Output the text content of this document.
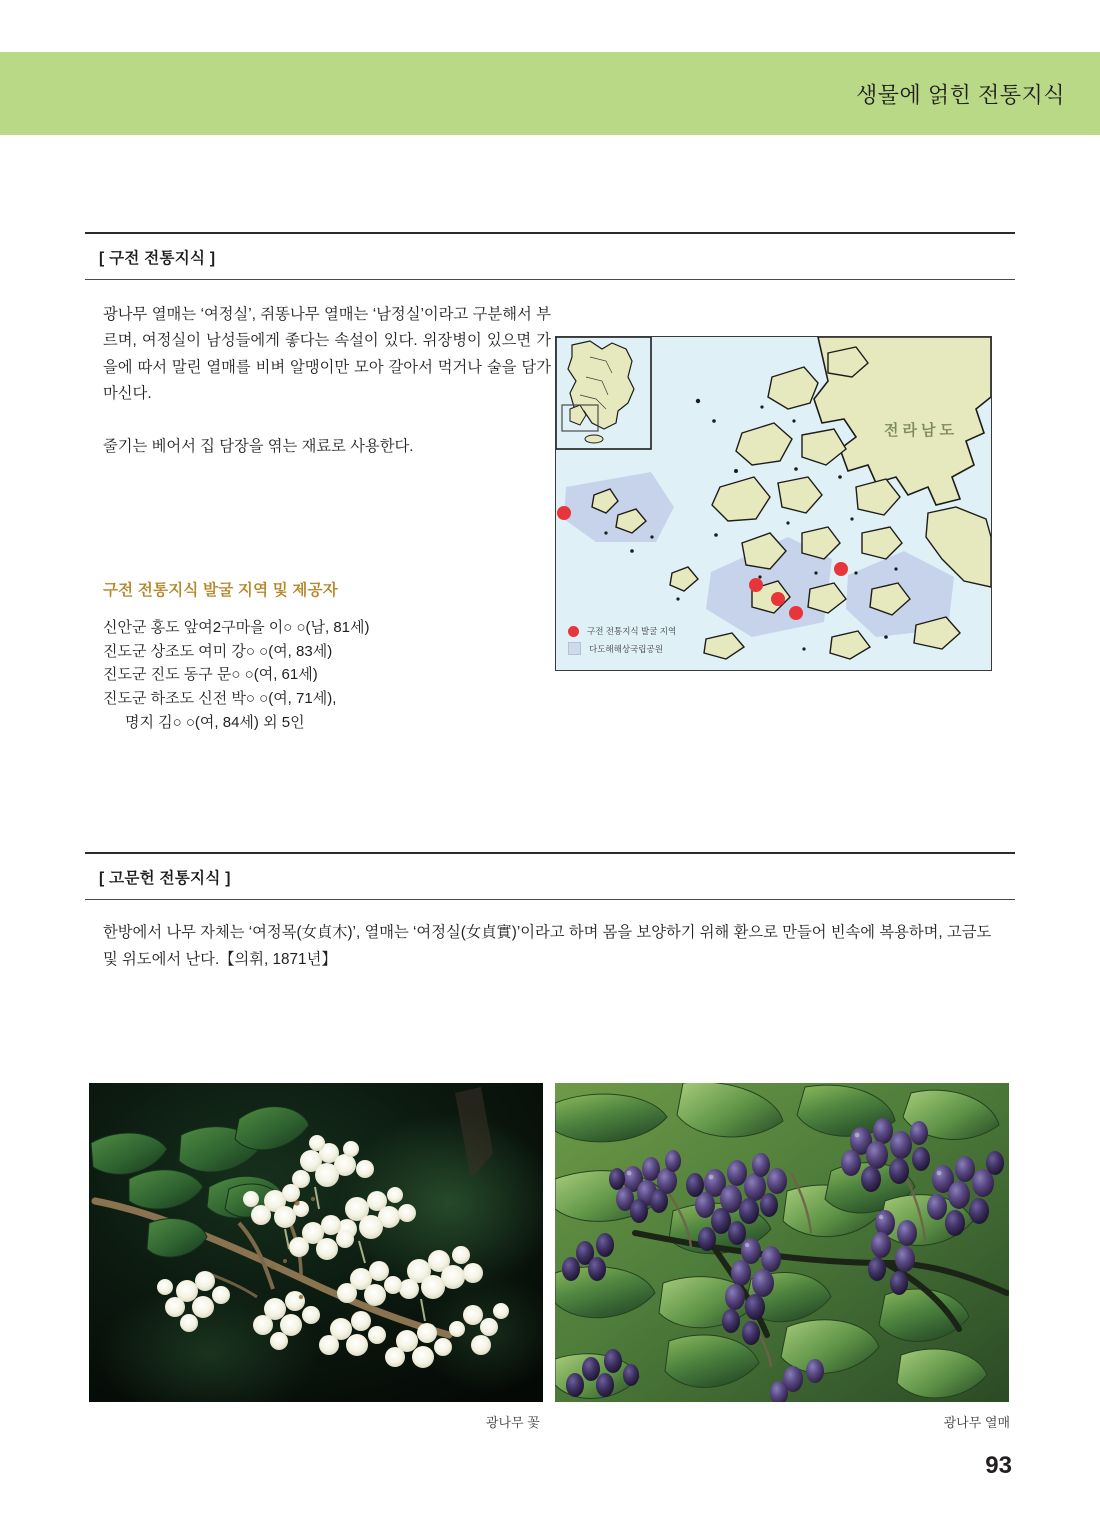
생물에 얽힌 전통지식
[ 구전 전통지식 ]

광나무 열매는 ‘여정실’, 쥐똥나무 열매는 ‘남정실’이라고 구분해서 부르며, 여정실이 남성들에게 좋다는 속설이 있다. 위장병이 있으면 가을에 따서 말린 열매를 비벼 알맹이만 모아 갈아서 먹거나 술을 담가 마신다.

줄기는 베어서 집 담장을 엮는 재료로 사용한다.

구전 전통지식 발굴 지역 및 제공자
신안군 홍도 앞여2구마을 이○ ○(남, 81세)
진도군 상조도 여미 강○ ○(여, 83세)
진도군 진도 동구 문○ ○(여, 61세)
진도군 하조도 신전 박○ ○(여, 71세),
명지 김○ ○(여, 84세) 외 5인
전라남도
구전 전통지식 발굴 지역
다도해해상국립공원
[ 고문헌 전통지식 ]

한방에서 나무 자체는 ‘여정목(女貞木)’, 열매는 ‘여정실(女貞實)’이라고 하며 몸을 보양하기 위해 환으로 만들어 빈속에 복용하며, 고금도 및 위도에서 난다.【의휘, 1871년】

광나무 꽃	광나무 열매
93
